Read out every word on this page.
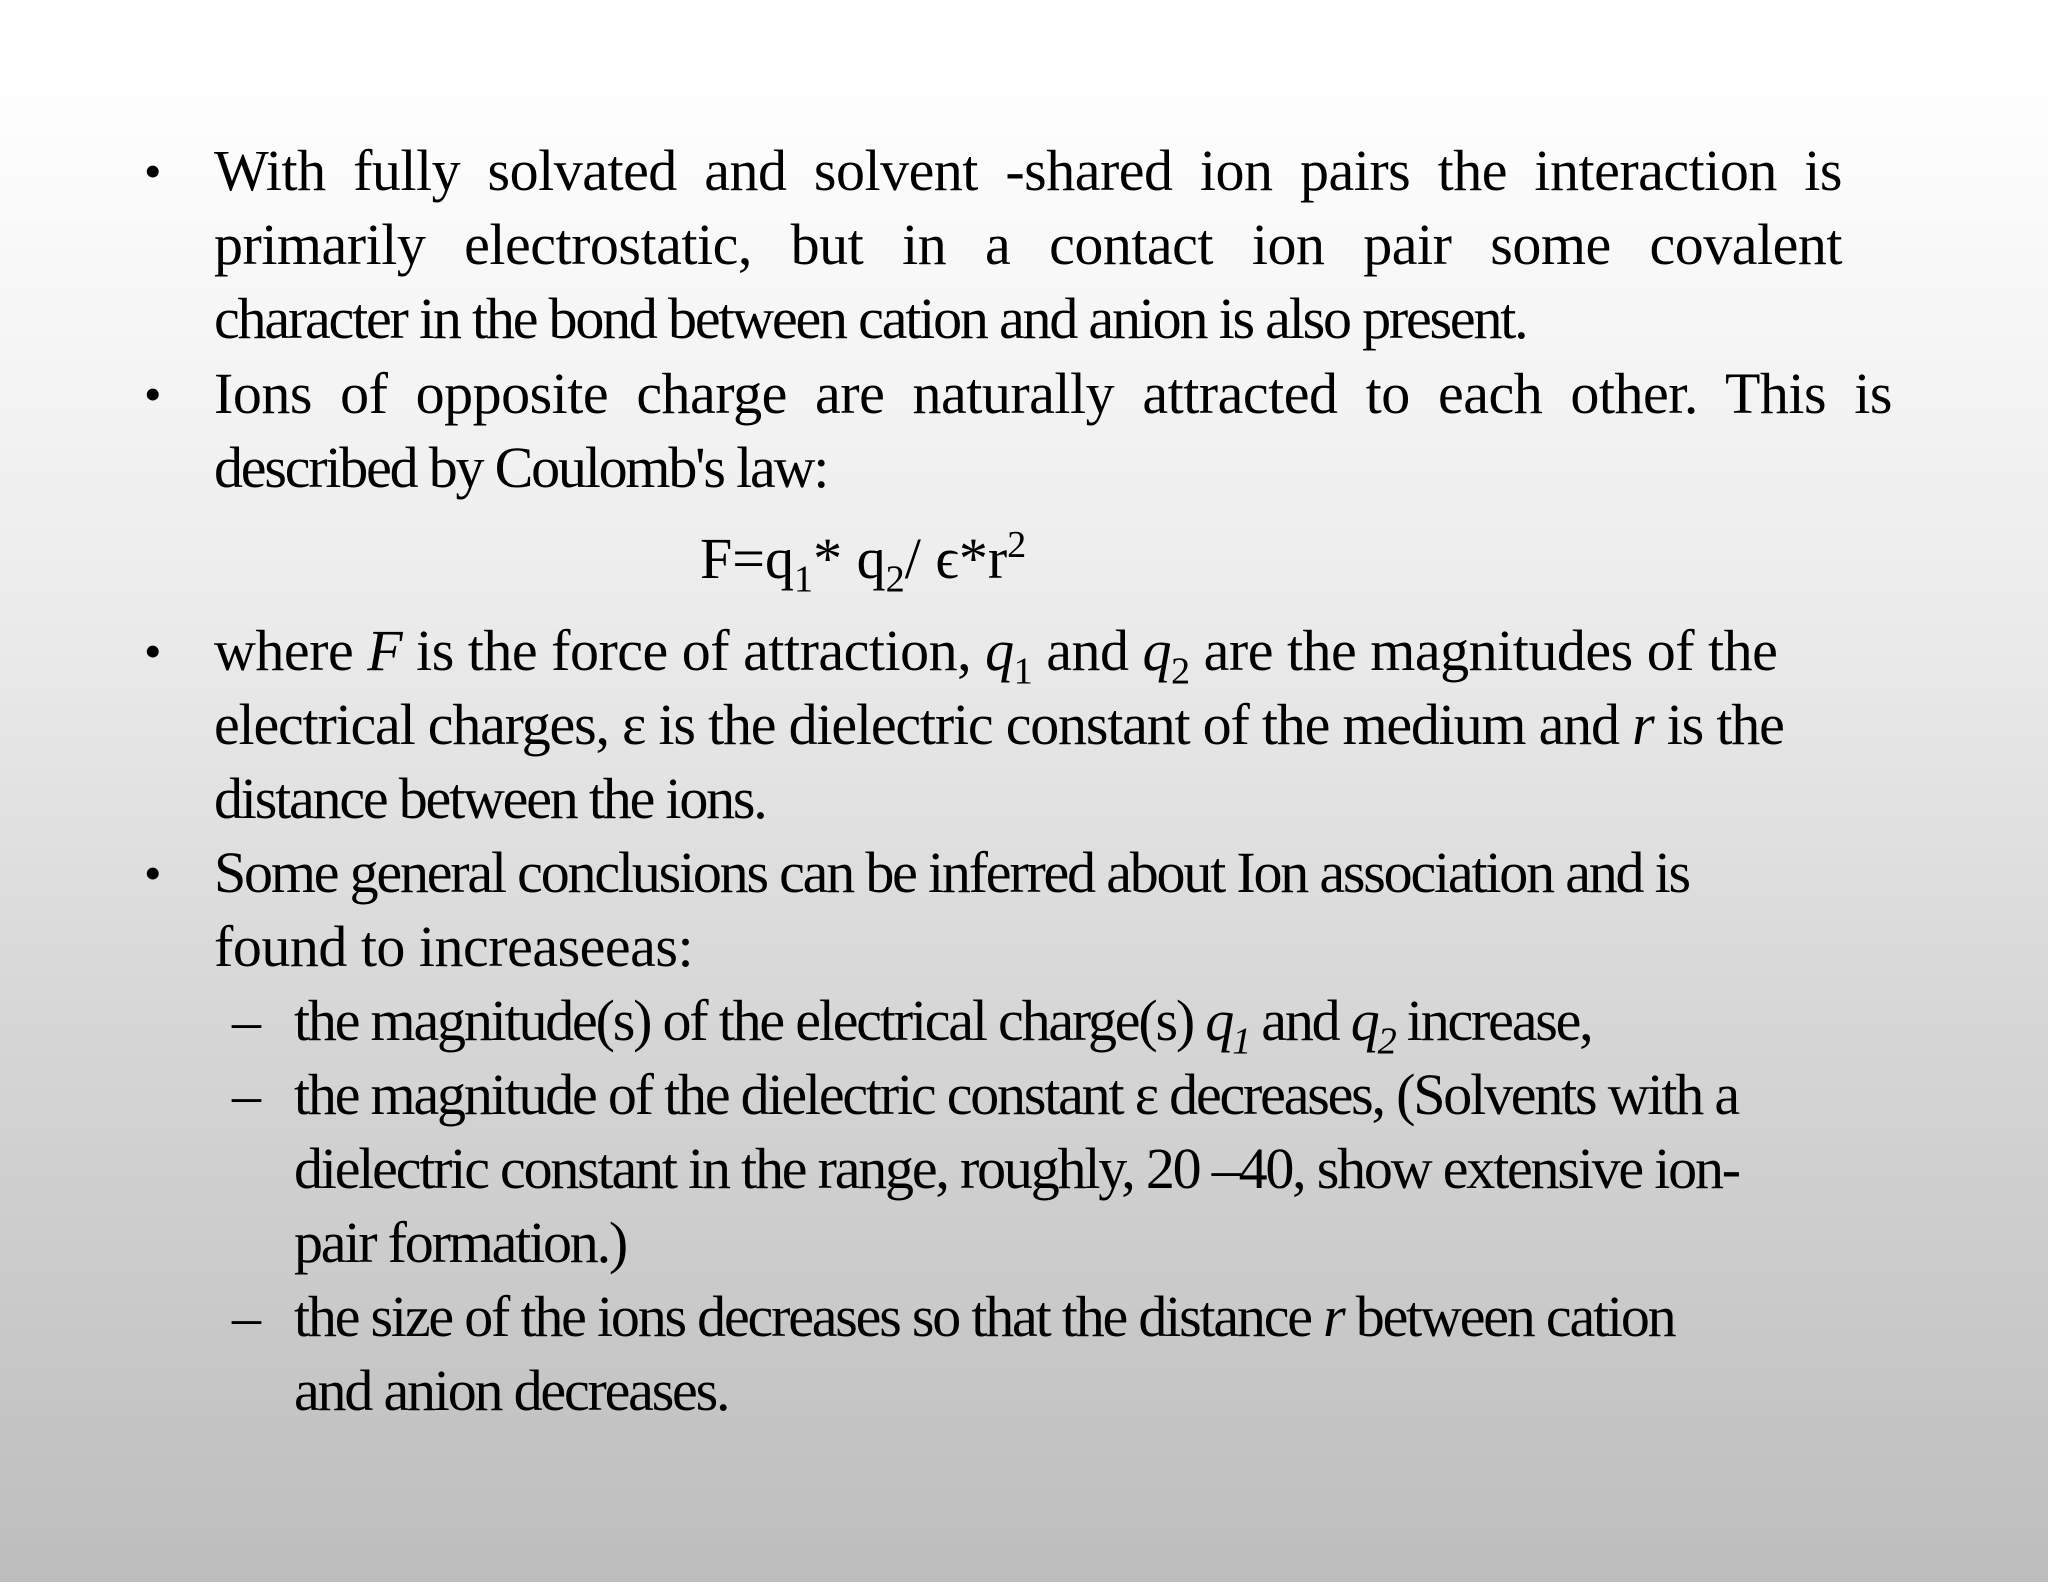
• With fully solvated and solvent -shared ion pairs the interaction is
primarily electrostatic, but in a contact ion pair some covalent
character in the bond between cation and anion is also present.
• Ions of opposite charge are naturally attracted to each other. This is
described by Coulomb's law:
$F=q_1*$ $q_2/$ $\epsilon*r^2$
• where F is the force of attraction, $q_1$ and $q_2$ are the magnitudes of the
electrical charges, ε is the dielectric constant of the medium and r is the
distance between the ions.
• Some general conclusions can be inferred about Ion association and is
found to increaseeas:
– the magnitude(s) of the electrical charge(s) $q_1$ and $q_2$ increase,
– the magnitude of the dielectric constant ε decreases, (Solvents with a
dielectric constant in the range, roughly, 20 –40, show extensive ion-
pair formation.)
– the size of the ions decreases so that the distance r between cation
and anion decreases.
